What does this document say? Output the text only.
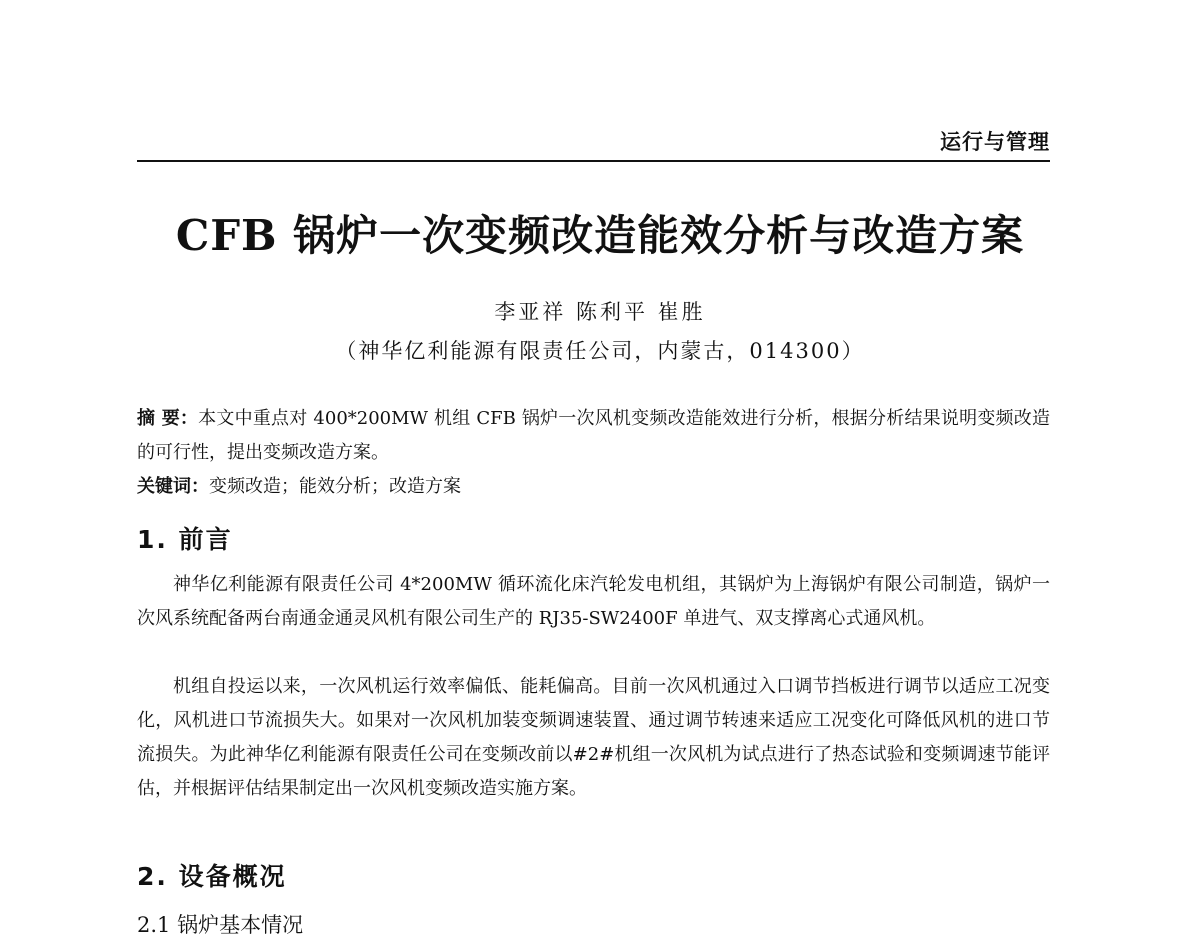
运行与管理
CFB 锅炉一次变频改造能效分析与改造方案
李亚祥 陈利平 崔胜
（神华亿利能源有限责任公司，内蒙古，014300）
摘 要：本文中重点对 400*200MW 机组 CFB 锅炉一次风机变频改造能效进行分析，根据分析结果说明变频改造的可行性，提出变频改造方案。
关键词：变频改造；能效分析；改造方案
1. 前言
神华亿利能源有限责任公司 4*200MW 循环流化床汽轮发电机组，其锅炉为上海锅炉有限公司制造，锅炉一次风系统配备两台南通金通灵风机有限公司生产的 RJ35-SW2400F 单进气、双支撑离心式通风机。
机组自投运以来，一次风机运行效率偏低、能耗偏高。目前一次风机通过入口调节挡板进行调节以适应工况变化，风机进口节流损失大。如果对一次风机加装变频调速装置、通过调节转速来适应工况变化可降低风机的进口节流损失。为此神华亿利能源有限责任公司在变频改前以#2#机组一次风机为试点进行了热态试验和变频调速节能评估，并根据评估结果制定出一次风机变频改造实施方案。
2. 设备概况
2.1 锅炉基本情况
